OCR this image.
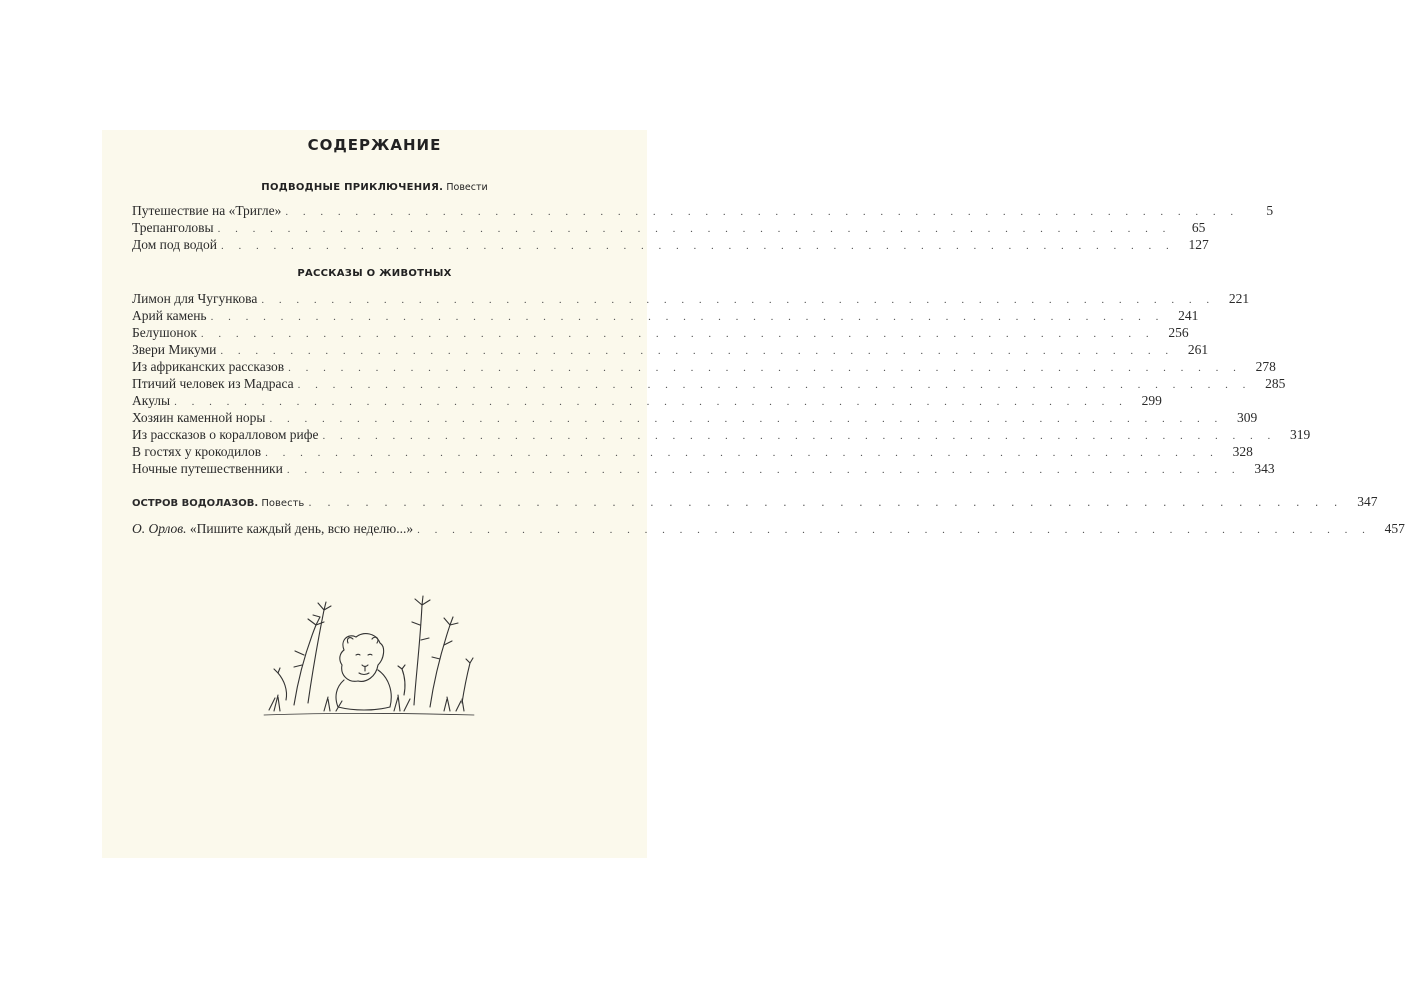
СОДЕРЖАНИЕ
ПОДВОДНЫЕ ПРИКЛЮЧЕНИЯ. Повести
Путешествие на «Тригле» . . . . . . . . . . . . . . . . . . . . . . . . . . . . . . . . . . . . . . . . . . . . . . . . . . . . . . .	5
Трепанголовы . . . . . . . . . . . . . . . . . . . . . . . . . . . . . . . . . . . . . . . . . . . . . . . . . . . . . . .	65
Дом под водой . . . . . . . . . . . . . . . . . . . . . . . . . . . . . . . . . . . . . . . . . . . . . . . . . . . . . . .	127
РАССКАЗЫ О ЖИВОТНЫХ
Лимон для Чугункова . . . . . . . . . . . . . . . . . . . . . . . . . . . . . . . . . . . . . . . . . . . . . . . . . . . . . . .	221
Арий камень . . . . . . . . . . . . . . . . . . . . . . . . . . . . . . . . . . . . . . . . . . . . . . . . . . . . . . .	241
Белушонок . . . . . . . . . . . . . . . . . . . . . . . . . . . . . . . . . . . . . . . . . . . . . . . . . . . . . . .	256
Звери Микуми . . . . . . . . . . . . . . . . . . . . . . . . . . . . . . . . . . . . . . . . . . . . . . . . . . . . . . .	261
Из африканских рассказов . . . . . . . . . . . . . . . . . . . . . . . . . . . . . . . . . . . . . . . . . . . . . . . . . . . . . . .	278
Птичий человек из Мадраса . . . . . . . . . . . . . . . . . . . . . . . . . . . . . . . . . . . . . . . . . . . . . . . . . . . . . . .	285
Акулы . . . . . . . . . . . . . . . . . . . . . . . . . . . . . . . . . . . . . . . . . . . . . . . . . . . . . . .	299
Хозяин каменной норы . . . . . . . . . . . . . . . . . . . . . . . . . . . . . . . . . . . . . . . . . . . . . . . . . . . . . . .	309
Из рассказов о коралловом рифе . . . . . . . . . . . . . . . . . . . . . . . . . . . . . . . . . . . . . . . . . . . . . . . . . . . . . . .	319
В гостях у крокодилов . . . . . . . . . . . . . . . . . . . . . . . . . . . . . . . . . . . . . . . . . . . . . . . . . . . . . . .	328
Ночные путешественники . . . . . . . . . . . . . . . . . . . . . . . . . . . . . . . . . . . . . . . . . . . . . . . . . . . . . . .	343
ОСТРОВ ВОДОЛАЗОВ. Повесть . . . . . . . . . . . . . . . . . . . . . . . . . . . . . . . . . . . . . . . . . . . . . . . . . . . . . . .	347
О. Орлов. «Пишите каждый день, всю неделю...» . . . . . . . . . . . . . . . . . . . . . . . . . . . . . . . . . . . . . . . . . . . . . . . . . . . . . . .	457
